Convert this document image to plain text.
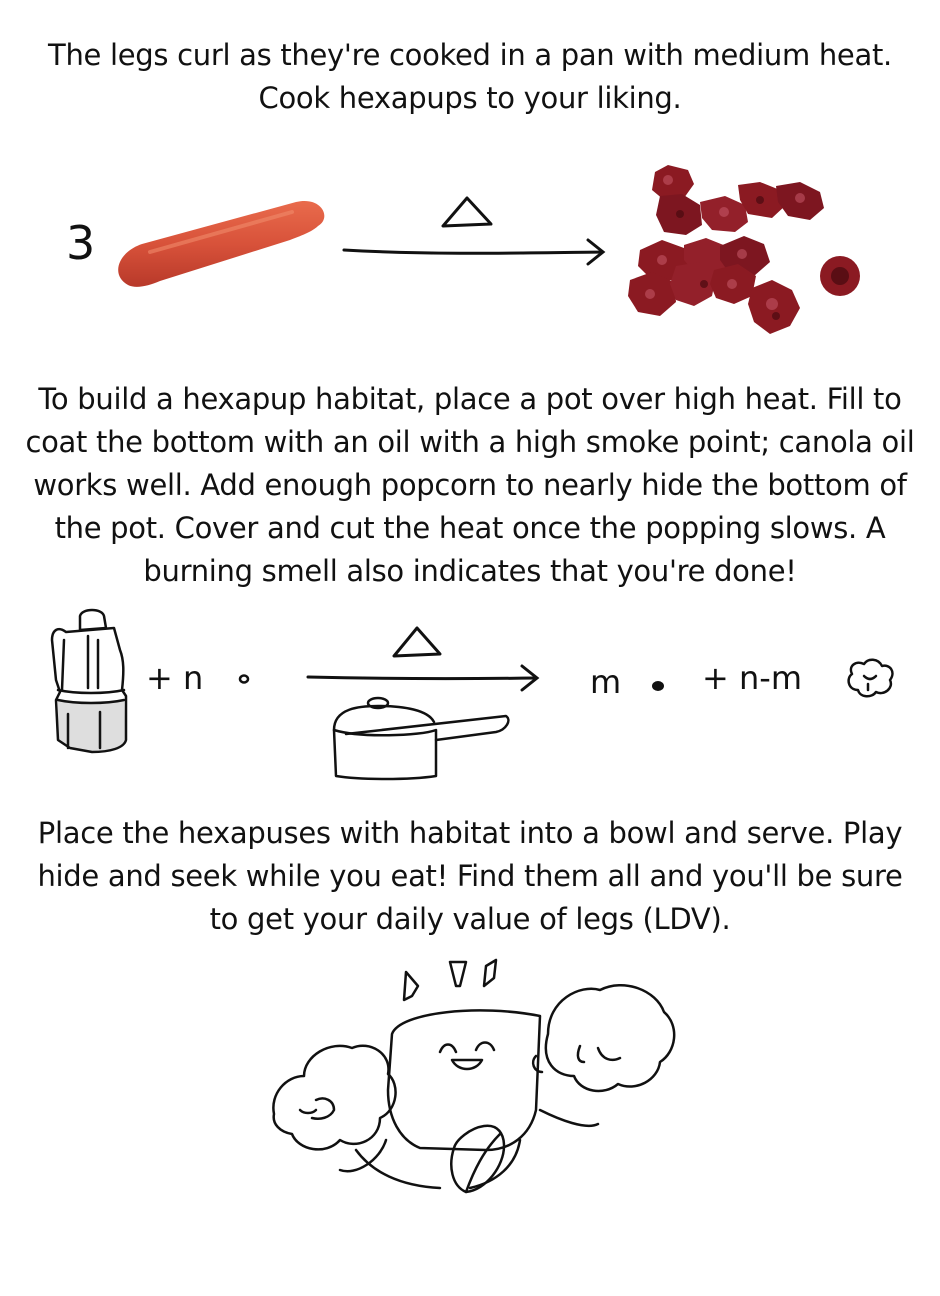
The legs curl as they're cooked in a pan with medium heat.
Cook hexapups to your liking.
3
+ n
To build a hexapup habitat, place a pot over high heat. Fill to
coat the bottom with an oil with a high smoke point; canola oil
works well. Add enough popcorn to nearly hide the bottom of
the pot. Cover and cut the heat once the popping slows. A
burning smell also indicates that you're done!
m	+ n-m
Place the hexapuses with habitat into a bowl and serve. Play
hide and seek while you eat! Find them all and you'll be sure
to get your daily value of legs (LDV).
